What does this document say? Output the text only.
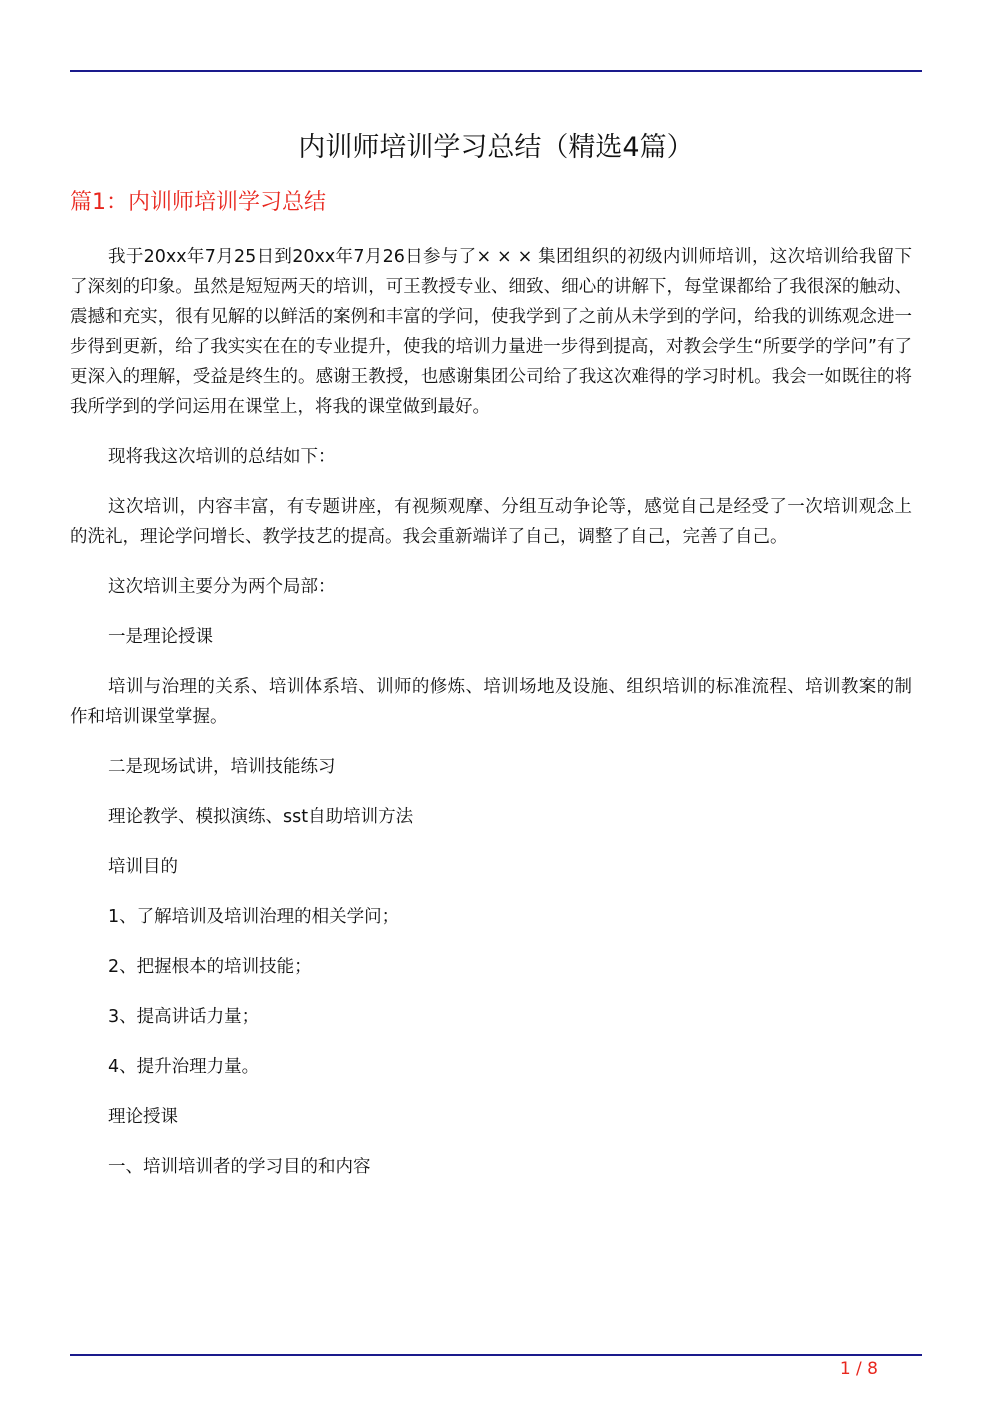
内训师培训学习总结（精选4篇）
篇1：内训师培训学习总结

我于20xx年7月25日到20xx年7月26日参与了× × × 集团组织的初级内训师培训，这次培训给我留下了深刻的印象。虽然是短短两天的培训，可王教授专业、细致、细心的讲解下，每堂课都给了我很深的触动、震撼和充实，很有见解的以鲜活的案例和丰富的学问，使我学到了之前从未学到的学问，给我的训练观念进一步得到更新，给了我实实在在的专业提升，使我的培训力量进一步得到提高，对教会学生“所要学的学问”有了更深入的理解，受益是终生的。感谢王教授，也感谢集团公司给了我这次难得的学习时机。我会一如既往的将我所学到的学问运用在课堂上，将我的课堂做到最好。

现将我这次培训的总结如下：

这次培训，内容丰富，有专题讲座，有视频观摩、分组互动争论等，感觉自己是经受了一次培训观念上的洗礼，理论学问增长、教学技艺的提高。我会重新端详了自己，调整了自己，完善了自己。

这次培训主要分为两个局部：

一是理论授课

培训与治理的关系、培训体系培、训师的修炼、培训场地及设施、组织培训的标准流程、培训教案的制作和培训课堂掌握。

二是现场试讲，培训技能练习

理论教学、模拟演练、sst自助培训方法

培训目的

1、了解培训及培训治理的相关学问；

2、把握根本的培训技能；

3、提高讲话力量；

4、提升治理力量。

理论授课

一、培训培训者的学习目的和内容

1 / 8
